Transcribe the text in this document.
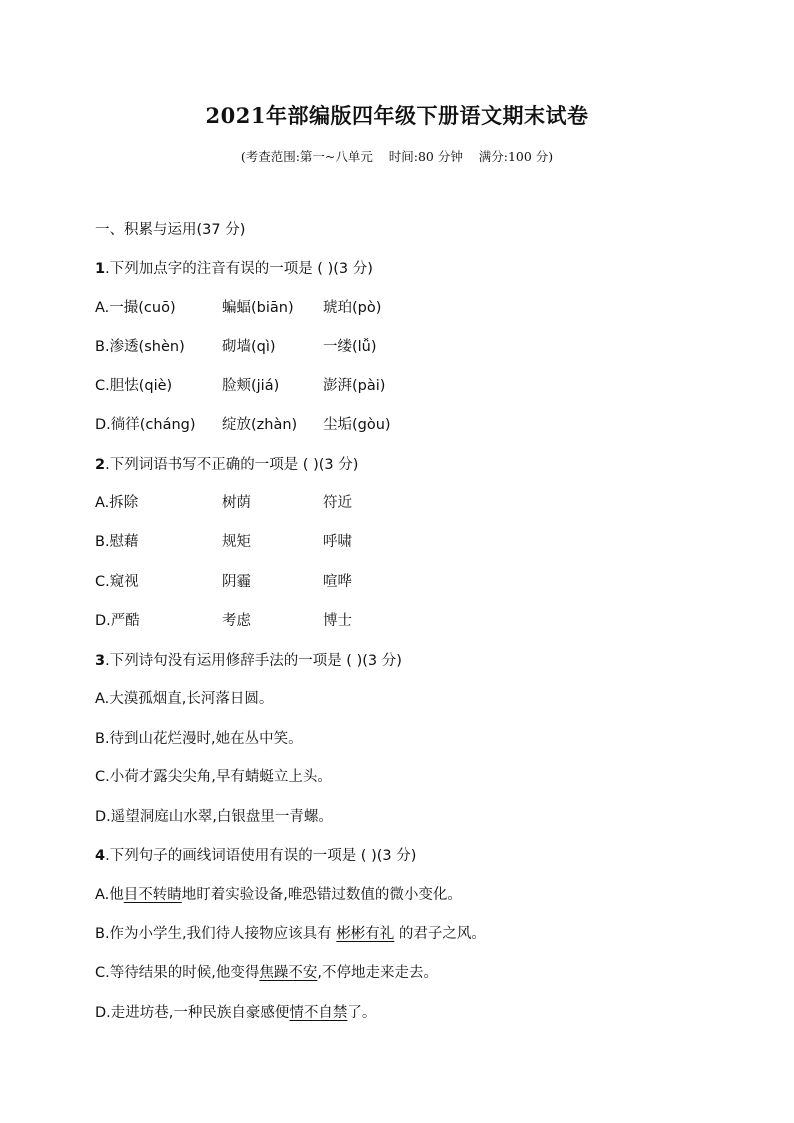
2021年部编版四年级下册语文期末试卷
(考查范围:第一~八单元    时间:80 分钟    满分:100 分)
一、积累与运用(37 分)
1.下列加点字的注音有误的一项是 ( )(3 分)
A.一撮(cuō)	蝙蝠(biān) 琥珀(pò)
B.渗透(shèn)	砌墙(qì)	一缕(lǚ)
C.胆怯(qiè)	脸颊(jiá)	澎湃(pài)
D.徜徉(cháng) 绽放(zhàn) 尘垢(gòu)
2.下列词语书写不正确的一项是 ( )(3 分)
A.拆除	树荫	符近
B.慰藉	规矩	呼啸
C.窥视	阴霾	喧哗
D.严酷	考虑	博士
3.下列诗句没有运用修辞手法的一项是 ( )(3 分)
A.大漠孤烟直,长河落日圆。
B.待到山花烂漫时,她在丛中笑。
C.小荷才露尖尖角,早有蜻蜓立上头。
D.遥望洞庭山水翠,白银盘里一青螺。
4.下列句子的画线词语使用有误的一项是 ( )(3 分)
A.他目不转睛地盯着实验设备,唯恐错过数值的微小变化。
B.作为小学生,我们待人接物应该具有 彬彬有礼 的君子之风。
C.等待结果的时候,他变得焦躁不安,不停地走来走去。
D.走进坊巷,一种民族自豪感便情不自禁了。
